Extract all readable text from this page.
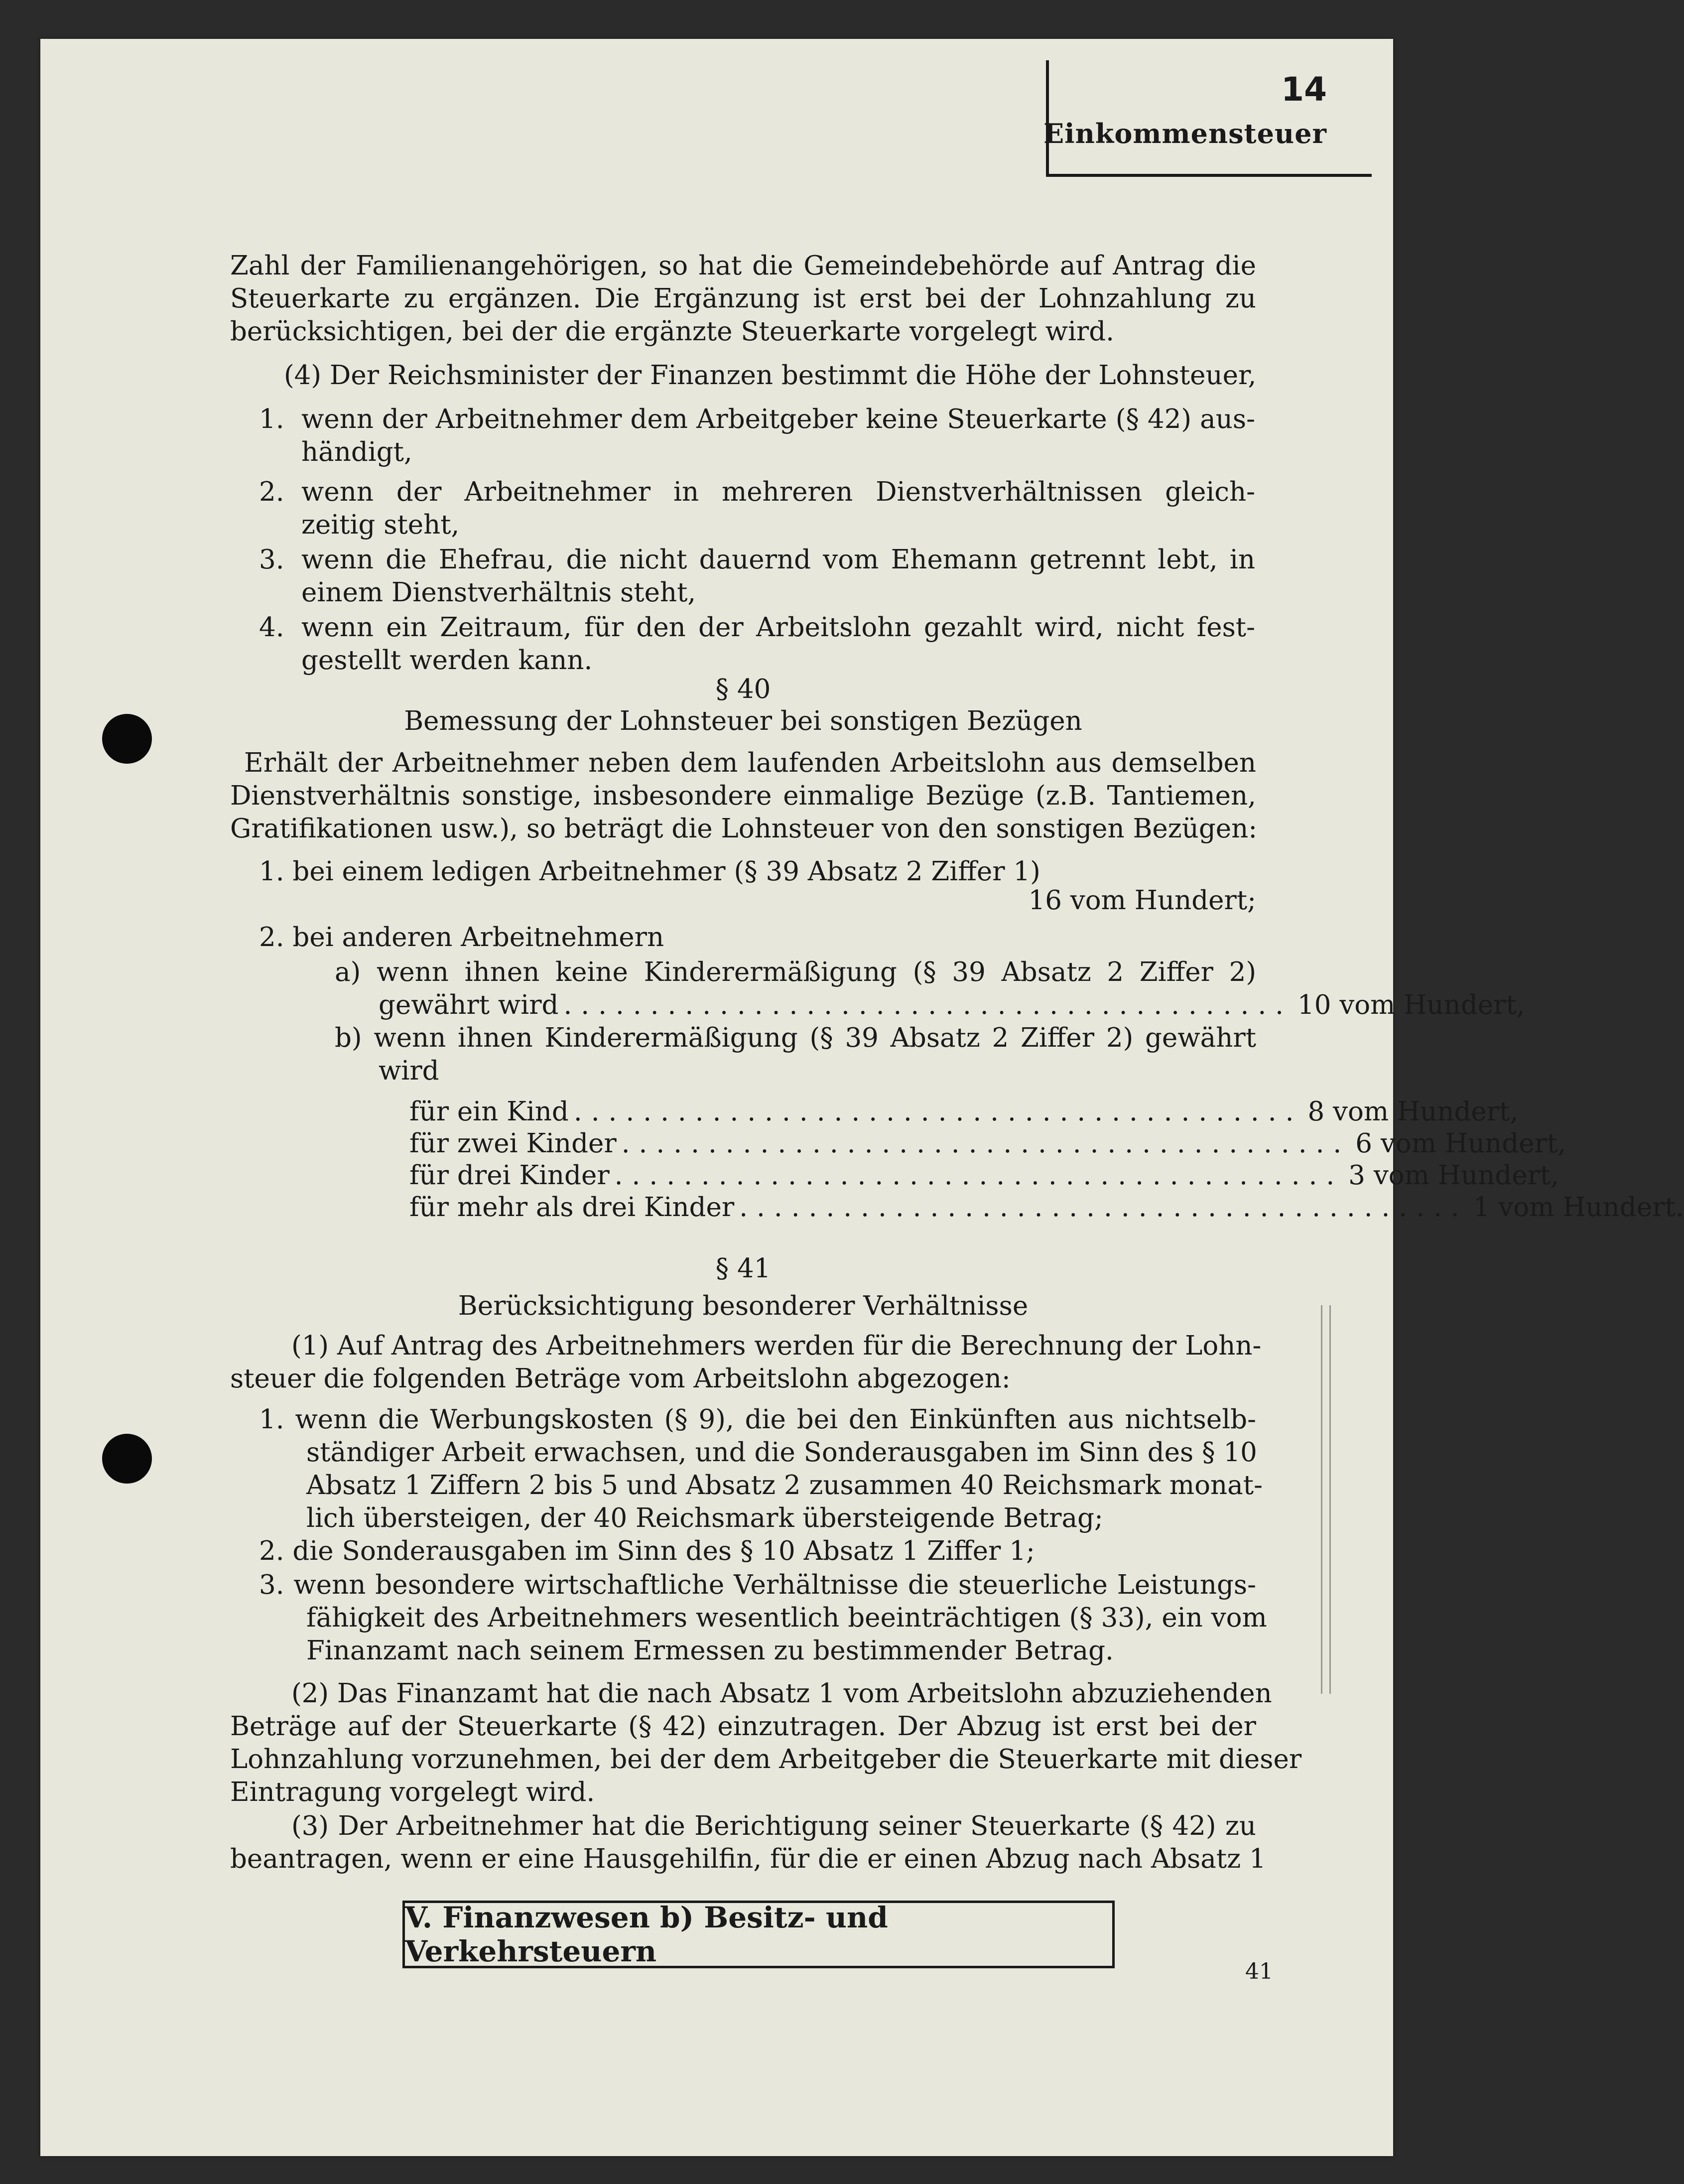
14
Einkommensteuer
Zahl der Familienangehörigen, so hat die Gemeindebehörde auf Antrag die
Steuerkarte zu ergänzen. Die Ergänzung ist erst bei der Lohnzahlung zu
berücksichtigen, bei der die ergänzte Steuerkarte vorgelegt wird.
(4) Der Reichsminister der Finanzen bestimmt die Höhe der Lohnsteuer,
1. wenn der Arbeitnehmer dem Arbeitgeber keine Steuerkarte (§ 42) aus-
händigt,
2. wenn der Arbeitnehmer in mehreren Dienstverhältnissen gleich-
zeitig steht,
3. wenn die Ehefrau, die nicht dauernd vom Ehemann getrennt lebt, in
einem Dienstverhältnis steht,
4. wenn ein Zeitraum, für den der Arbeitslohn gezahlt wird, nicht fest-
gestellt werden kann.
§ 40
Bemessung der Lohnsteuer bei sonstigen Bezügen
Erhält der Arbeitnehmer neben dem laufenden Arbeitslohn aus demselben
Dienstverhältnis sonstige, insbesondere einmalige Bezüge (z.B. Tantiemen,
Gratifikationen usw.), so beträgt die Lohnsteuer von den sonstigen Bezügen:
1. bei einem ledigen Arbeitnehmer (§ 39 Absatz 2 Ziffer 1)
16 vom Hundert;
2. bei anderen Arbeitnehmern
a) wenn ihnen keine Kinderermäßigung (§ 39 Absatz 2 Ziffer 2)
gewährt wird .......................................... 10 vom Hundert,
b) wenn ihnen Kinderermäßigung (§ 39 Absatz 2 Ziffer 2) gewährt
wird
für ein Kind .......................................... 8 vom Hundert,
für zwei Kinder .......................................... 6 vom Hundert,
für drei Kinder .......................................... 3 vom Hundert,
für mehr als drei Kinder .......................................... 1 vom Hundert.
§ 41
Berücksichtigung besonderer Verhältnisse
(1) Auf Antrag des Arbeitnehmers werden für die Berechnung der Lohn-
steuer die folgenden Beträge vom Arbeitslohn abgezogen:
1. wenn die Werbungskosten (§ 9), die bei den Einkünften aus nichtselb-
ständiger Arbeit erwachsen, und die Sonderausgaben im Sinn des § 10
Absatz 1 Ziffern 2 bis 5 und Absatz 2 zusammen 40 Reichsmark monat-
lich übersteigen, der 40 Reichsmark übersteigende Betrag;
2. die Sonderausgaben im Sinn des § 10 Absatz 1 Ziffer 1;
3. wenn besondere wirtschaftliche Verhältnisse die steuerliche Leistungs-
fähigkeit des Arbeitnehmers wesentlich beeinträchtigen (§ 33), ein vom
Finanzamt nach seinem Ermessen zu bestimmender Betrag.
(2) Das Finanzamt hat die nach Absatz 1 vom Arbeitslohn abzuziehenden
Beträge auf der Steuerkarte (§ 42) einzutragen. Der Abzug ist erst bei der
Lohnzahlung vorzunehmen, bei der dem Arbeitgeber die Steuerkarte mit dieser
Eintragung vorgelegt wird.
(3) Der Arbeitnehmer hat die Berichtigung seiner Steuerkarte (§ 42) zu
beantragen, wenn er eine Hausgehilfin, für die er einen Abzug nach Absatz 1
V. Finanzwesen b) Besitz- und Verkehrsteuern
41
